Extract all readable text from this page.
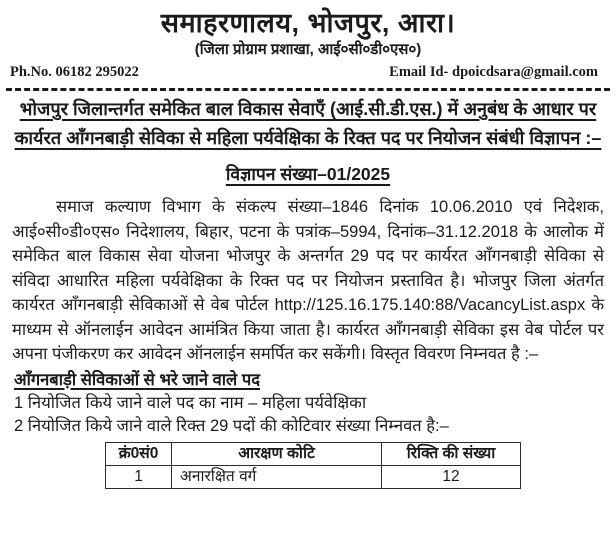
समाहरणालय, भोजपुर, आरा।
(जिला प्रोग्राम प्रशाखा, आई०सी०डी०एस०)
Ph.No. 06182 295022	Email Id- dpoicdsara@gmail.com
भोजपुर जिलान्तर्गत समेकित बाल विकास सेवाएँ (आई.सी.डी.एस.) में अनुबंध के आधार पर कार्यरत आँगनबाड़ी सेविका से महिला पर्यवेक्षिका के रिक्त पद पर नियोजन संबंधी विज्ञापन :–
विज्ञापन संख्या–01/2025

समाज कल्याण विभाग के संकल्प संख्या–1846 दिनांक 10.06.2010 एवं निदेशक, आई०सी०डी०एस० निदेशालय, बिहार, पटना के पत्रांक–5994, दिनांक–31.12.2018 के आलोक में समेकित बाल विकास सेवा योजना भोजपुर के अन्तर्गत 29 पद पर कार्यरत आँगनबाड़ी सेविका से संविदा आधारित महिला पर्यवेक्षिका के रिक्त पद पर नियोजन प्रस्तावित है। भोजपुर जिला अंतर्गत कार्यरत आँगनबाड़ी सेविकाओं से वेब पोर्टल http://125.16.175.140:88/VacancyList.aspx के माध्यम से ऑनलाईन आवेदन आमंत्रित किया जाता है। कार्यरत आँगनबाड़ी सेविका इस वेब पोर्टल पर अपना पंजीकरण कर आवेदन ऑनलाईन समर्पित कर सकेंगी। विस्तृत विवरण निम्नवत है :–

आँगनबाड़ी सेविकाओं से भरे जाने वाले पद
1 नियोजित किये जाने वाले पद का नाम – महिला पर्यवेक्षिका
2 नियोजित किये जाने वाले रिक्त 29 पदों की कोटिवार संख्या निम्नवत है:–
क्रं0सं0	आरक्षण कोटि	रिक्ति की संख्या
1	अनारक्षित वर्ग	12
